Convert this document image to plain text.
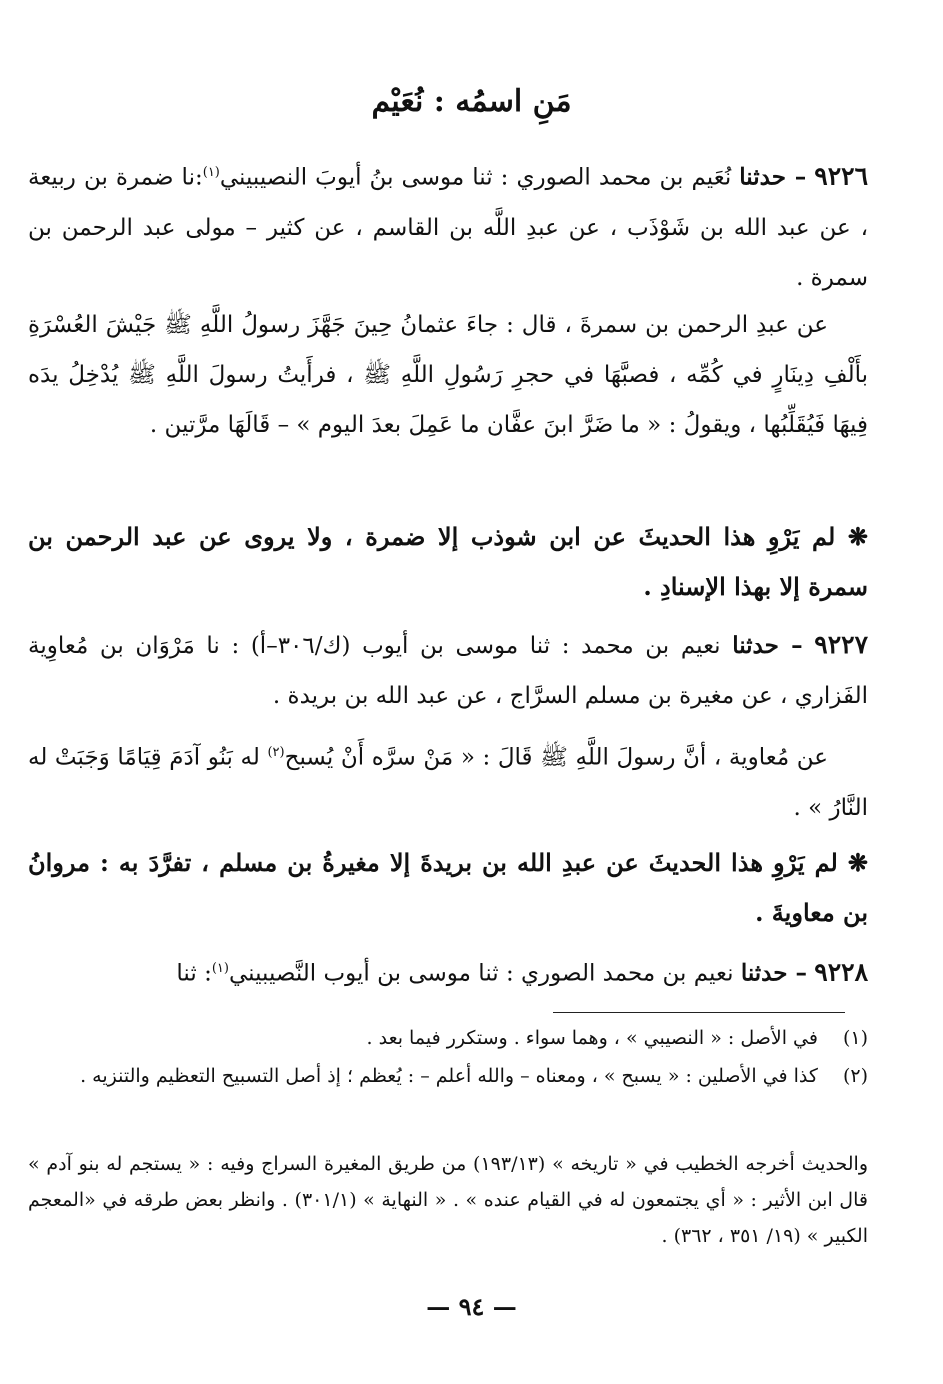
مَنِ اسمُه : نُعَيْم
٩٢٢٦ – حدثنا نُعَيم بن محمد الصوري : ثنا موسى بنُ أيوبَ النصيبيني$^{(١)}$:نا ضمرة بن ربيعة ، عن عبد الله بن شَوْذَب ، عن عبدِ اللَّه بن القاسم ، عن كثير – مولى عبد الرحمن بن سمرة .
عن عبدِ الرحمن بن سمرةَ ، قال : جاءَ عثمانُ حِينَ جَهَّزَ رسولُ اللَّهِ ﷺ جَيْشَ العُسْرَةِ بأَلْفِ دِينَارٍ في كُمِّه ، فصبَّهَا في حجرِ رَسُولِ اللَّهِ ﷺ ، فرأَيتُ رسولَ اللَّهِ ﷺ يُدْخِلُ يدَه فِيهَا فَيُقَلِّبُها ، ويقولُ : « ما ضَرَّ ابنَ عفَّان ما عَمِلَ بعدَ اليوم » – قَالَهَا مرَّتين .
❋ لم يَرْوِ هذا الحديثَ عن ابن شوذب إلا ضمرة ، ولا يروى عن عبد الرحمن بن سمرة إلا بهذا الإسنادِ .
٩٢٢٧ – حدثنا نعيم بن محمد : ثنا موسى بن أيوب (ك/٣٠٦–أ) : نا مَرْوَان بن مُعاوِية الفَزاري ، عن مغيرة بن مسلم السرَّاج ، عن عبد الله بن بريدة .
عن مُعاوية ، أنَّ رسولَ اللَّهِ ﷺ قَالَ : « مَنْ سرَّه أَنْ يُسبح$^{(٢)}$ له بَنُو آدَمَ قِيَامًا وَجَبَتْ له النَّارُ » .
❋ لم يَرْوِ هذا الحديثَ عن عبدِ الله بن بريدةَ إلا مغيرةُ بن مسلم ، تفرَّدَ به : مروانُ بن معاويةَ .
٩٢٢٨ – حدثنا نعيم بن محمد الصوري : ثنا موسى بن أيوب النَّصيبيني$^{(١)}$: ثنا
(١) في الأصل : « النصيبي » ، وهما سواء . وستكرر فيما بعد .
(٢) كذا في الأصلين : « يسبح » ، ومعناه – والله أعلم – : يُعظم ؛ إذ أصل التسبيح التعظيم والتنزيه .
والحديث أخرجه الخطيب في « تاريخه » (١٩٣/١٣) من طريق المغيرة السراج وفيه : « يستجم له بنو آدم » قال ابن الأثير : « أي يجتمعون له في القيام عنده » . « النهاية » (٣٠١/١) . وانظر بعض طرقه في «المعجم الكبير » (١٩/ ٣٥١ ، ٣٦٢) .
— ٩٤ —
